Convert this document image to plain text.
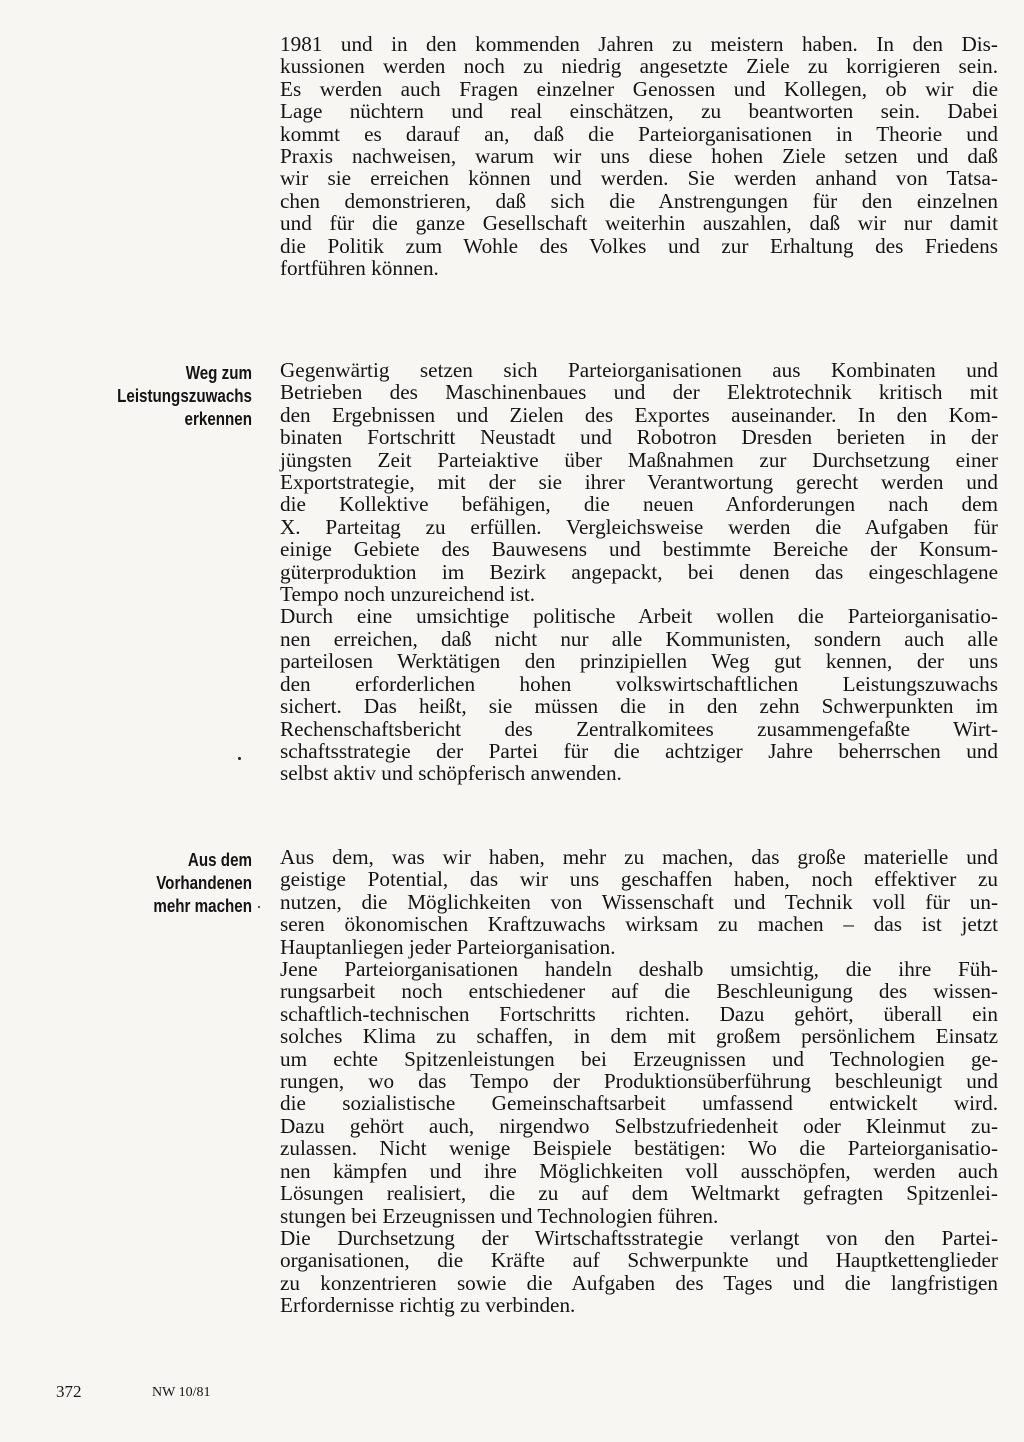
1981 und in den kommenden Jahren zu meistern haben. In den Dis-
kussionen werden noch zu niedrig angesetzte Ziele zu korrigieren sein.
Es werden auch Fragen einzelner Genossen und Kollegen, ob wir die
Lage nüchtern und real einschätzen, zu beantworten sein. Dabei
kommt es darauf an, daß die Parteiorganisationen in Theorie und
Praxis nachweisen, warum wir uns diese hohen Ziele setzen und daß
wir sie erreichen können und werden. Sie werden anhand von Tatsa-
chen demonstrieren, daß sich die Anstrengungen für den einzelnen
und für die ganze Gesellschaft weiterhin auszahlen, daß wir nur damit
die Politik zum Wohle des Volkes und zur Erhaltung des Friedens
fortführen können.
Weg zum
Leistungszuwachs
erkennen
Gegenwärtig setzen sich Parteiorganisationen aus Kombinaten und
Betrieben des Maschinenbaues und der Elektrotechnik kritisch mit
den Ergebnissen und Zielen des Exportes auseinander. In den Kom-
binaten Fortschritt Neustadt und Robotron Dresden berieten in der
jüngsten Zeit Parteiaktive über Maßnahmen zur Durchsetzung einer
Exportstrategie, mit der sie ihrer Verantwortung gerecht werden und
die Kollektive befähigen, die neuen Anforderungen nach dem
X. Parteitag zu erfüllen. Vergleichsweise werden die Aufgaben für
einige Gebiete des Bauwesens und bestimmte Bereiche der Konsum-
güterproduktion im Bezirk angepackt, bei denen das eingeschlagene
Tempo noch unzureichend ist.
Durch eine umsichtige politische Arbeit wollen die Parteiorganisatio-
nen erreichen, daß nicht nur alle Kommunisten, sondern auch alle
parteilosen Werktätigen den prinzipiellen Weg gut kennen, der uns
den erforderlichen hohen volkswirtschaftlichen Leistungszuwachs
sichert. Das heißt, sie müssen die in den zehn Schwerpunkten im
Rechenschaftsbericht des Zentralkomitees zusammengefaßte Wirt-
schaftsstrategie der Partei für die achtziger Jahre beherrschen und
selbst aktiv und schöpferisch anwenden.
Aus dem
Vorhandenen
mehr machen
Aus dem, was wir haben, mehr zu machen, das große materielle und
geistige Potential, das wir uns geschaffen haben, noch effektiver zu
nutzen, die Möglichkeiten von Wissenschaft und Technik voll für un-
seren ökonomischen Kraftzuwachs wirksam zu machen – das ist jetzt
Hauptanliegen jeder Parteiorganisation.
Jene Parteiorganisationen handeln deshalb umsichtig, die ihre Füh-
rungsarbeit noch entschiedener auf die Beschleunigung des wissen-
schaftlich-technischen Fortschritts richten. Dazu gehört, überall ein
solches Klima zu schaffen, in dem mit großem persönlichem Einsatz
um echte Spitzenleistungen bei Erzeugnissen und Technologien ge-
rungen, wo das Tempo der Produktionsüberführung beschleunigt und
die sozialistische Gemeinschaftsarbeit umfassend entwickelt wird.
Dazu gehört auch, nirgendwo Selbstzufriedenheit oder Kleinmut zu-
zulassen. Nicht wenige Beispiele bestätigen: Wo die Parteiorganisatio-
nen kämpfen und ihre Möglichkeiten voll ausschöpfen, werden auch
Lösungen realisiert, die zu auf dem Weltmarkt gefragten Spitzenlei-
stungen bei Erzeugnissen und Technologien führen.
Die Durchsetzung der Wirtschaftsstrategie verlangt von den Partei-
organisationen, die Kräfte auf Schwerpunkte und Hauptkettenglieder
zu konzentrieren sowie die Aufgaben des Tages und die langfristigen
Erfordernisse richtig zu verbinden.
372	NW 10/81
